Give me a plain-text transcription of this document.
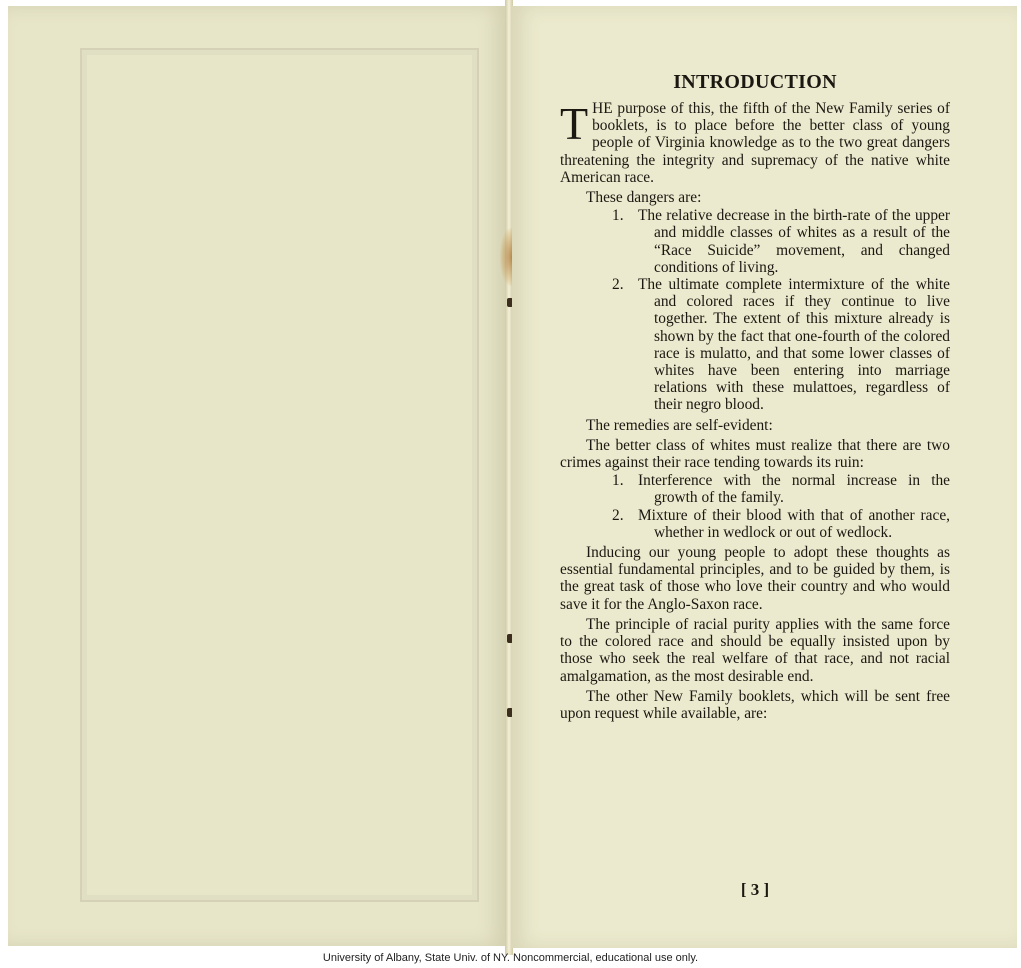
INTRODUCTION

THE purpose of this, the fifth of the New Family series of booklets, is to place before the better class of young people of Virginia knowledge as to the two great dangers threatening the integrity and supremacy of the native white American race.

These dangers are:

1. The relative decrease in the birth-rate of the upper and middle classes of whites as a result of the “Race Suicide” movement, and changed conditions of living.
2. The ultimate complete intermixture of the white and colored races if they continue to live together. The extent of this mixture already is shown by the fact that one-fourth of the colored race is mulatto, and that some lower classes of whites have been entering into marriage relations with these mulattoes, regardless of their negro blood.

The remedies are self-evident:

The better class of whites must realize that there are two crimes against their race tending towards its ruin:

1. Interference with the normal increase in the growth of the family.
2. Mixture of their blood with that of another race, whether in wedlock or out of wedlock.

Inducing our young people to adopt these thoughts as essential fundamental principles, and to be guided by them, is the great task of those who love their country and who would save it for the Anglo-Saxon race.

The principle of racial purity applies with the same force to the colored race and should be equally insisted upon by those who seek the real welfare of that race, and not racial amalgamation, as the most desirable end.

The other New Family booklets, which will be sent free upon request while available, are:

[ 3 ]
University of Albany, State Univ. of NY. Noncommercial, educational use only.
